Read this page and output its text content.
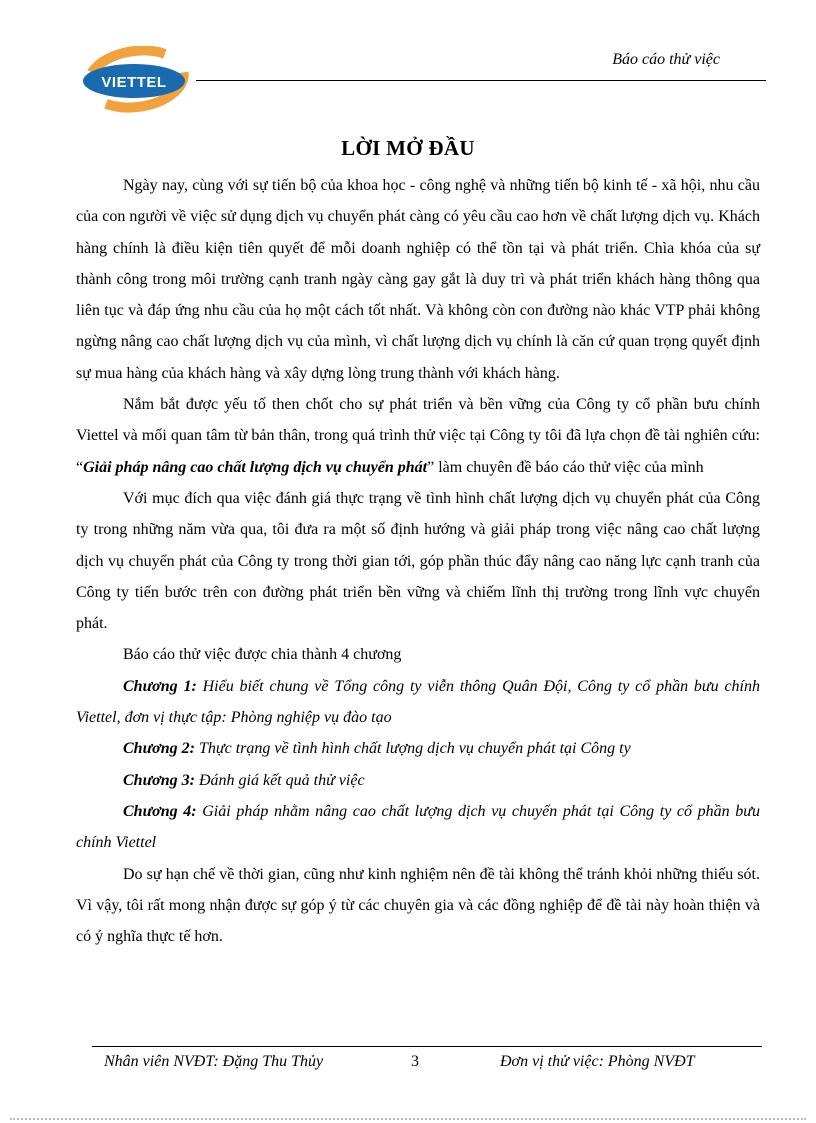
VIETTEL
Báo cáo thử việc
LỜI MỞ ĐẦU

Ngày nay, cùng với sự tiến bộ của khoa học - công nghệ và những tiến bộ kinh tế - xã hội, nhu cầu của con người về việc sử dụng dịch vụ chuyển phát càng có yêu cầu cao hơn về chất lượng dịch vụ. Khách hàng chính là điều kiện tiên quyết để mỗi doanh nghiệp có thể tồn tại và phát triển. Chìa khóa của sự thành công trong môi trường cạnh tranh ngày càng gay gắt là duy trì và phát triển khách hàng thông qua liên tục và đáp ứng nhu cầu của họ một cách tốt nhất. Và không còn con đường nào khác VTP phải không ngừng nâng cao chất lượng dịch vụ của mình, vì chất lượng dịch vụ chính là căn cứ quan trọng quyết định sự mua hàng của khách hàng và xây dựng lòng trung thành với khách hàng.

Nắm bắt được yếu tố then chốt cho sự phát triển và bền vững của Công ty cổ phần bưu chính Viettel và mối quan tâm từ bản thân, trong quá trình thử việc tại Công ty tôi đã lựa chọn đề tài nghiên cứu: “Giải pháp nâng cao chất lượng dịch vụ chuyển phát” làm chuyên đề báo cáo thử việc của mình

Với mục đích qua việc đánh giá thực trạng về tình hình chất lượng dịch vụ chuyển phát của Công ty trong những năm vừa qua, tôi đưa ra một số định hướng và giải pháp trong việc nâng cao chất lượng dịch vụ chuyển phát của Công ty trong thời gian tới, góp phần thúc đẩy nâng cao năng lực cạnh tranh của Công ty tiến bước trên con đường phát triển bền vững và chiếm lĩnh thị trường trong lĩnh vực chuyển phát.

Báo cáo thử việc được chia thành 4 chương

Chương 1: Hiểu biết chung về Tổng công ty viễn thông Quân Đội, Công ty cổ phần bưu chính Viettel, đơn vị thực tập: Phòng nghiệp vụ đào tạo

Chương 2: Thực trạng về tình hình chất lượng dịch vụ chuyển phát tại Công ty

Chương 3: Đánh giá kết quả thử việc

Chương 4: Giải pháp nhằm nâng cao chất lượng dịch vụ chuyển phát tại Công ty cổ phần bưu chính Viettel

Do sự hạn chế về thời gian, cũng như kinh nghiệm nên đề tài không thể tránh khỏi những thiếu sót. Vì vậy, tôi rất mong nhận được sự góp ý từ các chuyên gia và các đồng nghiệp để đề tài này hoàn thiện và có ý nghĩa thực tế hơn.

Nhân viên NVĐT: Đặng Thu Thủy	3	Đơn vị thử việc: Phòng NVĐT
